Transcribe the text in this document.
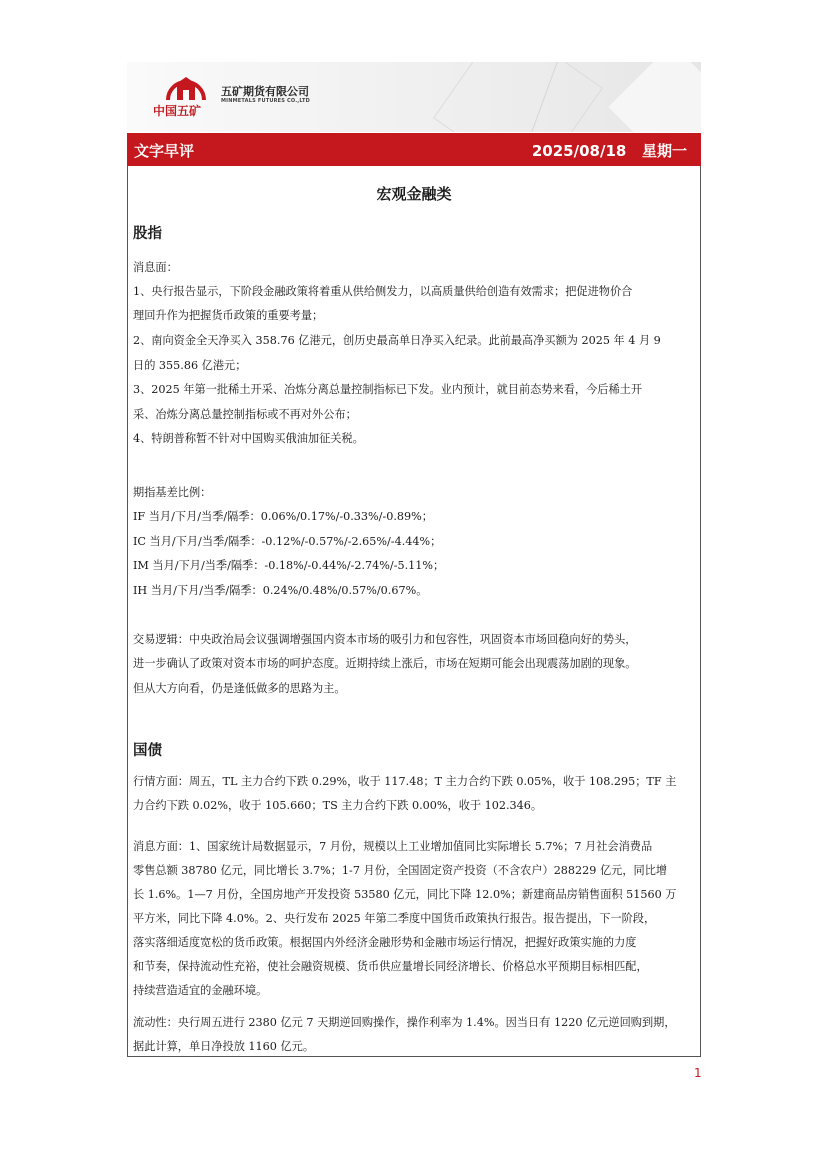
中国五矿
五矿期货有限公司
MINMETALS FUTURES CO.,LTD
文字早评	2025/08/18 星期一
宏观金融类
股指

消息面：

1、央行报告显示，下阶段金融政策将着重从供给侧发力，以高质量供给创造有效需求；把促进物价合

理回升作为把握货币政策的重要考量；

2、南向资金全天净买入 358.76 亿港元，创历史最高单日净买入纪录。此前最高净买额为 2025 年 4 月 9

日的 355.86 亿港元；

3、2025 年第一批稀土开采、冶炼分离总量控制指标已下发。业内预计，就目前态势来看，今后稀土开

采、冶炼分离总量控制指标或不再对外公布；

4、特朗普称暂不针对中国购买俄油加征关税。

期指基差比例：

IF 当月/下月/当季/隔季：0.06%/0.17%/-0.33%/-0.89%；

IC 当月/下月/当季/隔季：-0.12%/-0.57%/-2.65%/-4.44%；

IM 当月/下月/当季/隔季：-0.18%/-0.44%/-2.74%/-5.11%；

IH 当月/下月/当季/隔季：0.24%/0.48%/0.57%/0.67%。

交易逻辑：中央政治局会议强调增强国内资本市场的吸引力和包容性，巩固资本市场回稳向好的势头，

进一步确认了政策对资本市场的呵护态度。近期持续上涨后，市场在短期可能会出现震荡加剧的现象。

但从大方向看，仍是逢低做多的思路为主。

国债

行情方面：周五，TL 主力合约下跌 0.29%，收于 117.48；T 主力合约下跌 0.05%，收于 108.295；TF 主

力合约下跌 0.02%，收于 105.660；TS 主力合约下跌 0.00%，收于 102.346。

消息方面：1、国家统计局数据显示，7 月份，规模以上工业增加值同比实际增长 5.7%；7 月社会消费品

零售总额 38780 亿元，同比增长 3.7%；1-7 月份，全国固定资产投资（不含农户）288229 亿元，同比增

长 1.6%。1—7 月份，全国房地产开发投资 53580 亿元，同比下降 12.0%；新建商品房销售面积 51560 万

平方米，同比下降 4.0%。2、央行发布 2025 年第二季度中国货币政策执行报告。报告提出，下一阶段，

落实落细适度宽松的货币政策。根据国内外经济金融形势和金融市场运行情况，把握好政策实施的力度

和节奏，保持流动性充裕，使社会融资规模、货币供应量增长同经济增长、价格总水平预期目标相匹配，

持续营造适宜的金融环境。

流动性：央行周五进行 2380 亿元 7 天期逆回购操作，操作利率为 1.4%。因当日有 1220 亿元逆回购到期，

据此计算，单日净投放 1160 亿元。

1
